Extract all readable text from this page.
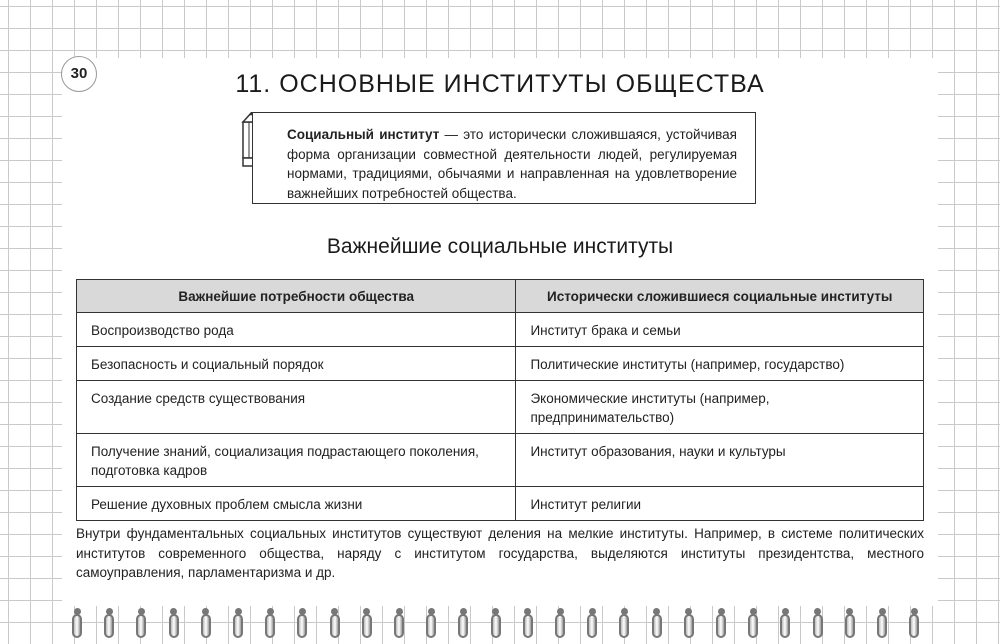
30	11. ОСНОВНЫЕ ИНСТИТУТЫ ОБЩЕСТВА
Социальный институт — это исторически сложившаяся, устойчивая форма организации совместной деятельности людей, регулируемая нормами, традициями, обычаями и направленная на удовлетворение важнейших потребностей общества.
Важнейшие социальные институты
Важнейшие потребности общества	Исторически сложившиеся социальные институты
Воспроизводство рода	Институт брака и семьи
Безопасность и социальный порядок	Политические институты (например, государство)
Создание средств существования	Экономические институты (например, предпринимательство)
Получение знаний, социализация подрастающего поколения, подготовка кадров	Институт образования, науки и культуры
Решение духовных проблем смысла жизни	Институт религии
Внутри фундаментальных социальных институтов существуют деления на мелкие институты. Например, в системе политических институтов современного общества, наряду с институтом государства, выделяются институты президентства, местного самоуправления, парламентаризма и др.
